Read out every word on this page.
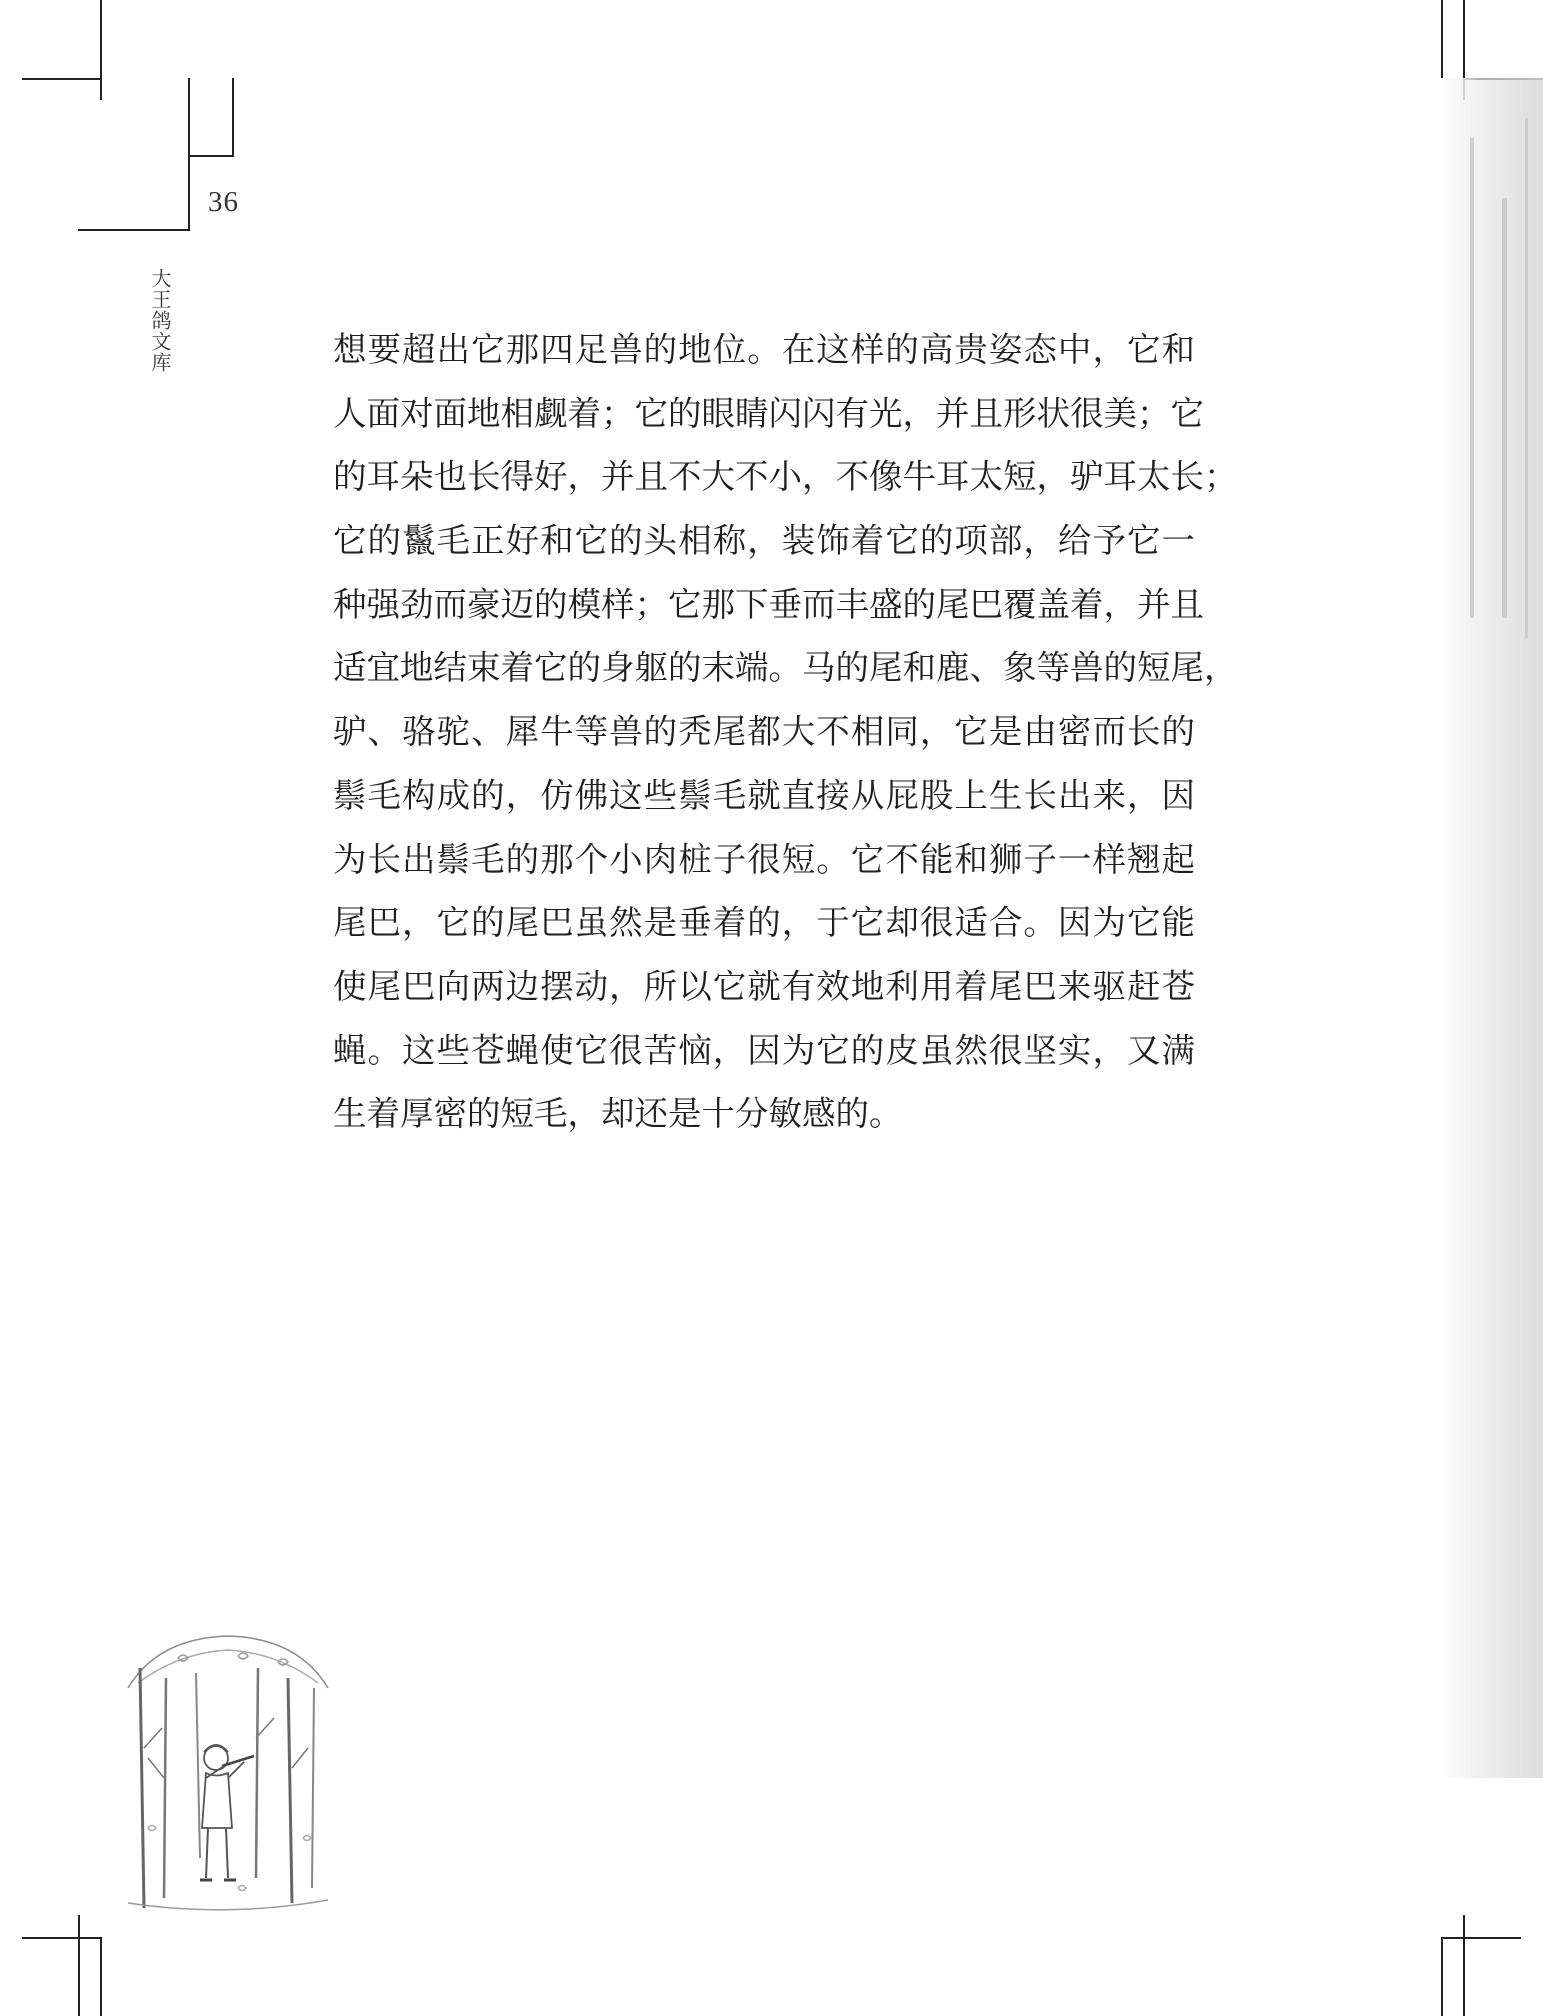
36
大王鸽文库	想要超出它那四足兽的地位。在这样的高贵姿态中，它和
人面对面地相觑着；它的眼睛闪闪有光，并且形状很美；它
的耳朵也长得好，并且不大不小，不像牛耳太短，驴耳太长；
它的鬣毛正好和它的头相称，装饰着它的项部，给予它一
种强劲而豪迈的模样；它那下垂而丰盛的尾巴覆盖着，并且
适宜地结束着它的身躯的末端。马的尾和鹿、象等兽的短尾，
驴、骆驼、犀牛等兽的秃尾都大不相同，它是由密而长的
鬃毛构成的，仿佛这些鬃毛就直接从屁股上生长出来，因
为长出鬃毛的那个小肉桩子很短。它不能和狮子一样翘起
尾巴，它的尾巴虽然是垂着的，于它却很适合。因为它能
使尾巴向两边摆动，所以它就有效地利用着尾巴来驱赶苍
蝇。这些苍蝇使它很苦恼，因为它的皮虽然很坚实，又满
生着厚密的短毛，却还是十分敏感的。
